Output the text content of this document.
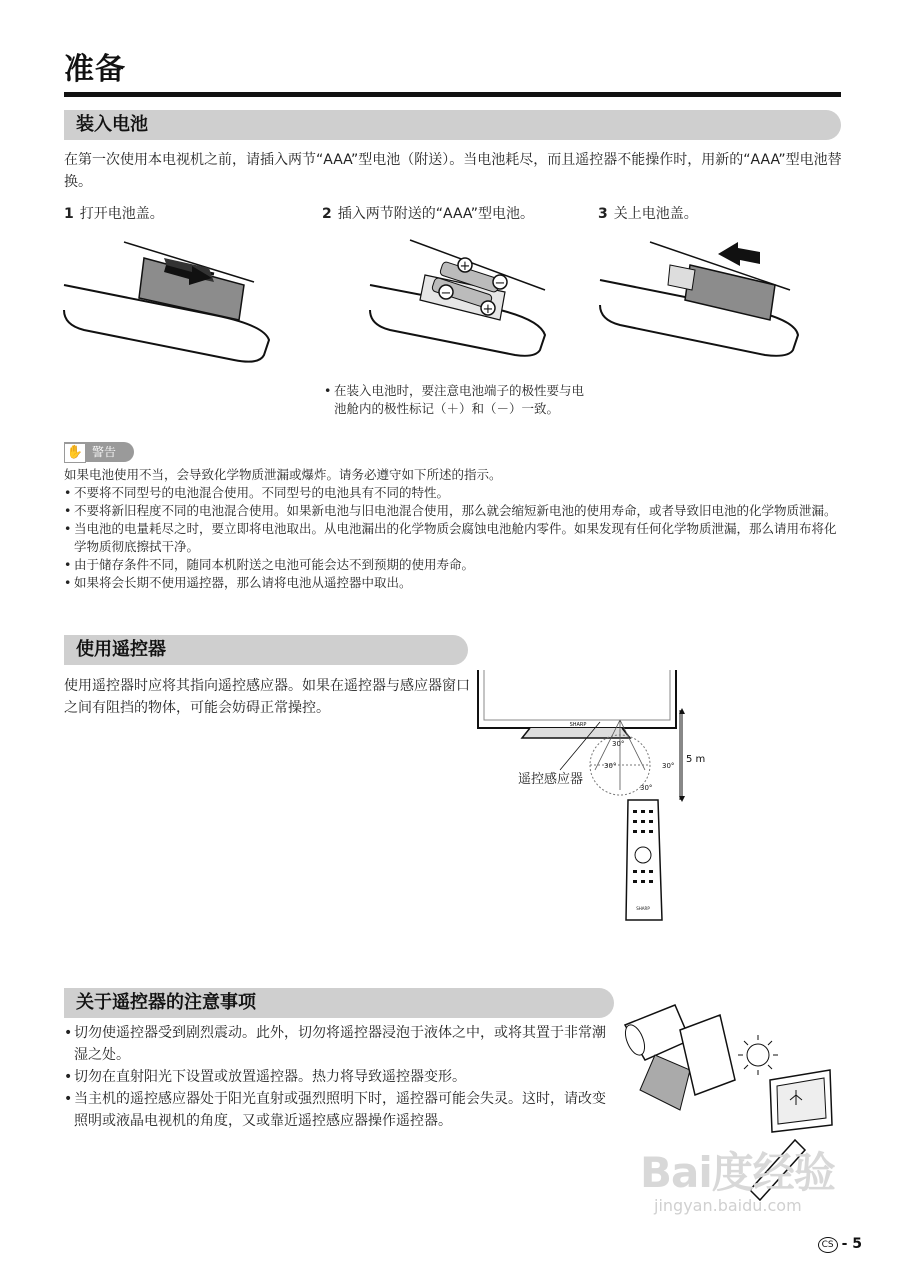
准备
装入电池
在第一次使用本电视机之前，请插入两节“AAA”型电池（附送）。当电池耗尽，而且遥控器不能操作时，用新的“AAA”型电池替换。
1 打开电池盖。	2 插入两节附送的“AAA”型电池。	3 关上电池盖。
+
−
−
+
• 在装入电池时，要注意电池端子的极性要与电池舱内的极性标记（＋）和（－）一致。
✋ 警告
如果电池使用不当，会导致化学物质泄漏或爆炸。请务必遵守如下所述的指示。
• 不要将不同型号的电池混合使用。不同型号的电池具有不同的特性。
• 不要将新旧程度不同的电池混合使用。如果新电池与旧电池混合使用，那么就会缩短新电池的使用寿命，或者导致旧电池的化学物质泄漏。
• 当电池的电量耗尽之时，要立即将电池取出。从电池漏出的化学物质会腐蚀电池舱内零件。如果发现有任何化学物质泄漏，那么请用布将化学物质彻底擦拭干净。
• 由于储存条件不同，随同本机附送之电池可能会达不到预期的使用寿命。
• 如果将会长期不使用遥控器，那么请将电池从遥控器中取出。
使用遥控器
使用遥控器时应将其指向遥控感应器。如果在遥控器与感应器窗口之间有阻挡的物体，可能会妨碍正常操控。
SHARP
30°
30°	30°
30°
5 m
SHARP
遥控感应器
关于遥控器的注意事项
• 切勿使遥控器受到剧烈震动。此外，切勿将遥控器浸泡于液体之中，或将其置于非常潮湿之处。
• 切勿在直射阳光下设置或放置遥控器。热力将导致遥控器变形。
• 当主机的遥控感应器处于阳光直射或强烈照明下时，遥控器可能会失灵。这时，请改变照明或液晶电视机的角度，又或靠近遥控感应器操作遥控器。
Bai度经验
jingyan.baidu.com
CS - 5
